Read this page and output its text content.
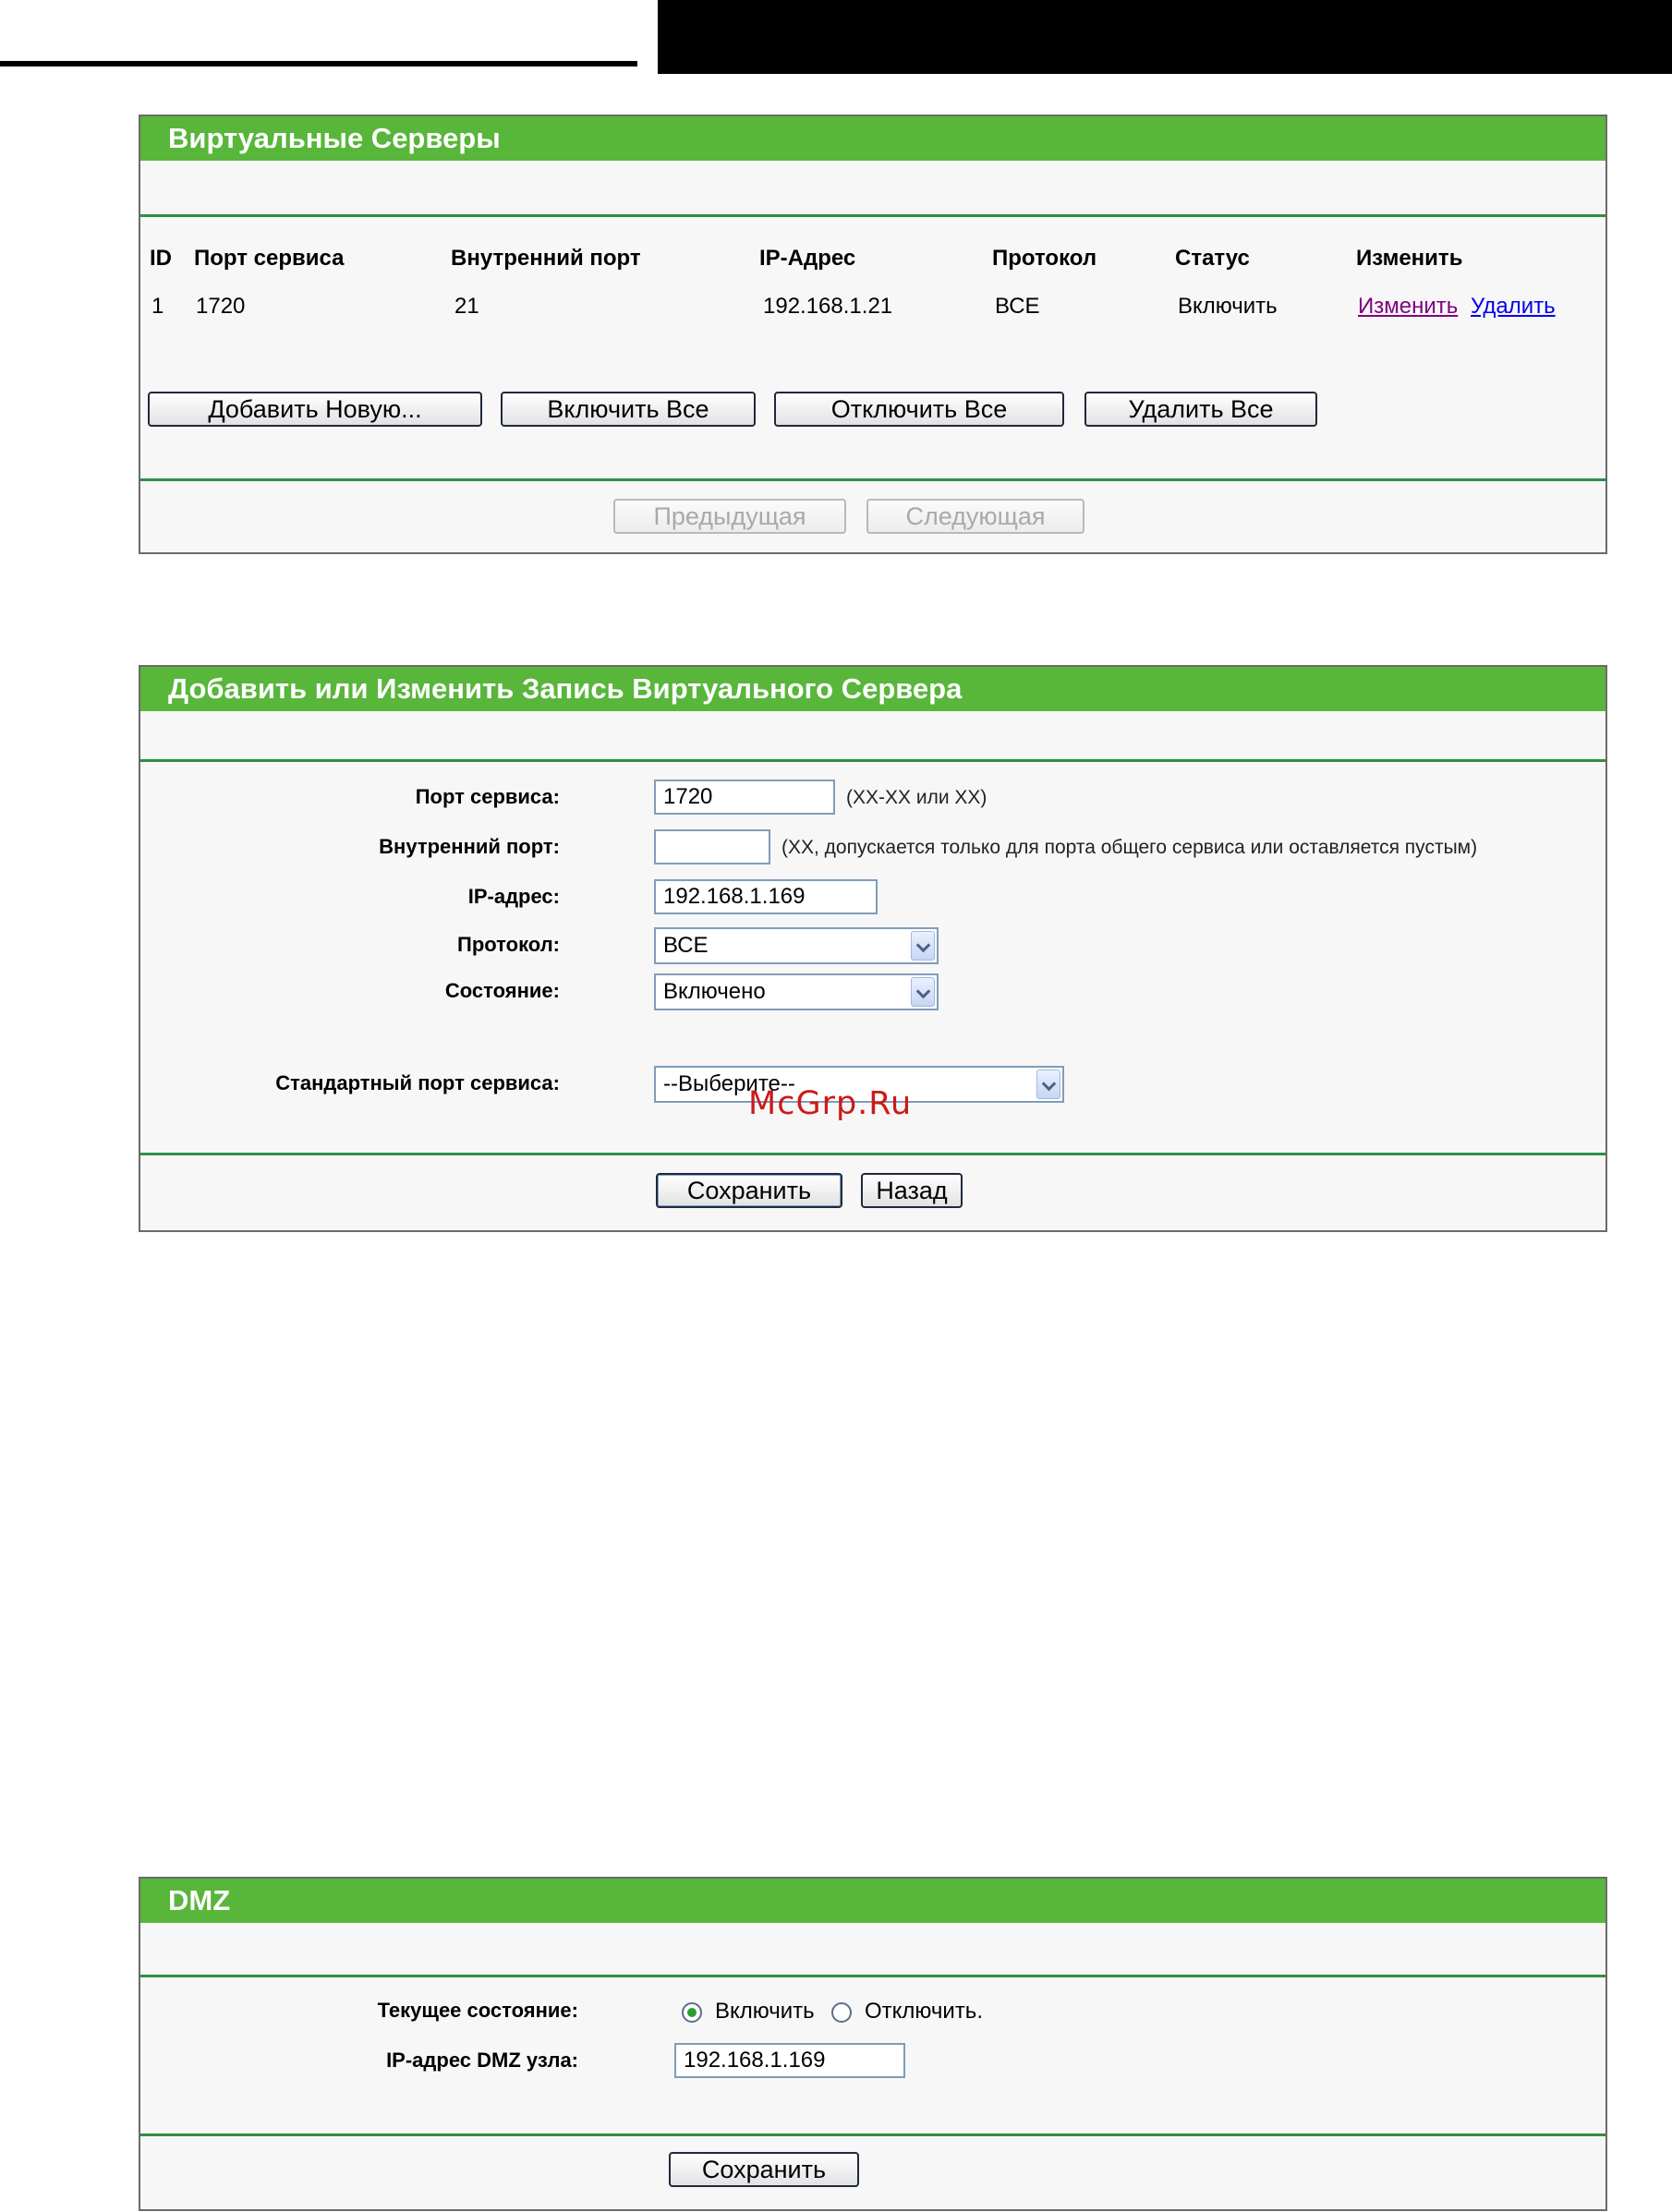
Виртуальные Серверы
ID Порт сервиса	Внутренний порт	IP-Адрес	Протокол	Статус	Изменить
1 1720	21	192.168.1.21	ВСЕ	Включить	Изменить Удалить
Добавить Новую...	Включить Все	Отключить Все	Удалить Все
Предыдущая	Следующая
Добавить или Изменить Запись Виртуального Сервера
Порт сервиса:	1720	(XX-XX или XX)
Внутренний порт:	(XX, допускается только для порта общего сервиса или оставляется пустым)
IP-адрес:	192.168.1.169
Протокол:	ВСЕ
Состояние:	Включено
Стандартный порт сервиса:	--Выберите--
Сохранить	Назад
McGrp.Ru
DMZ
Текущее состояние:	Включить Отключить.
IP-адрес DMZ узла:	192.168.1.169
Сохранить
